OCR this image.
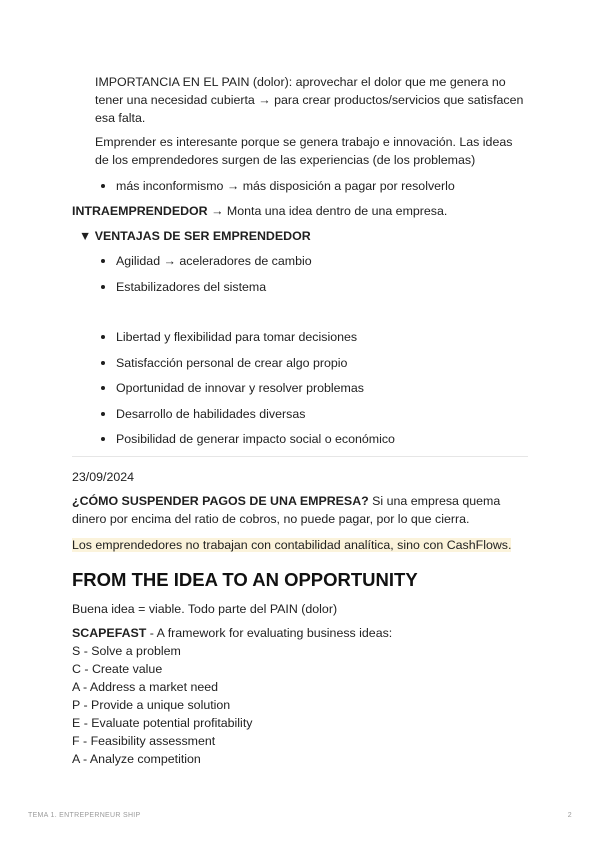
IMPORTANCIA EN EL PAIN (dolor): aprovechar el dolor que me genera no tener una necesidad cubierta → para crear productos/servicios que satisfacen esa falta.

Emprender es interesante porque se genera trabajo e innovación. Las ideas de los emprendedores surgen de las experiencias (de los problemas)

más inconformismo → más disposición a pagar por resolverlo

INTRAEMPRENDEDOR → Monta una idea dentro de una empresa.

▼ VENTAJAS DE SER EMPRENDEDOR
Agilidad → aceleradores de cambio
Estabilizadores del sistema
Libertad y flexibilidad para tomar decisiones
Satisfacción personal de crear algo propio
Oportunidad de innovar y resolver problemas
Desarrollo de habilidades diversas
Posibilidad de generar impacto social o económico

23/09/2024

¿CÓMO SUSPENDER PAGOS DE UNA EMPRESA? Si una empresa quema dinero por encima del ratio de cobros, no puede pagar, por lo que cierra.

Los emprendedores no trabajan con contabilidad analítica, sino con CashFlows.

FROM THE IDEA TO AN OPPORTUNITY

Buena idea = viable. Todo parte del PAIN (dolor)

SCAPEFAST - A framework for evaluating business ideas:

S - Solve a problem
C - Create value
A - Address a market need
P - Provide a unique solution
E - Evaluate potential profitability
F - Feasibility assessment
A - Analyze competition
TEMA 1. ENTREPERNEUR SHIP	2
